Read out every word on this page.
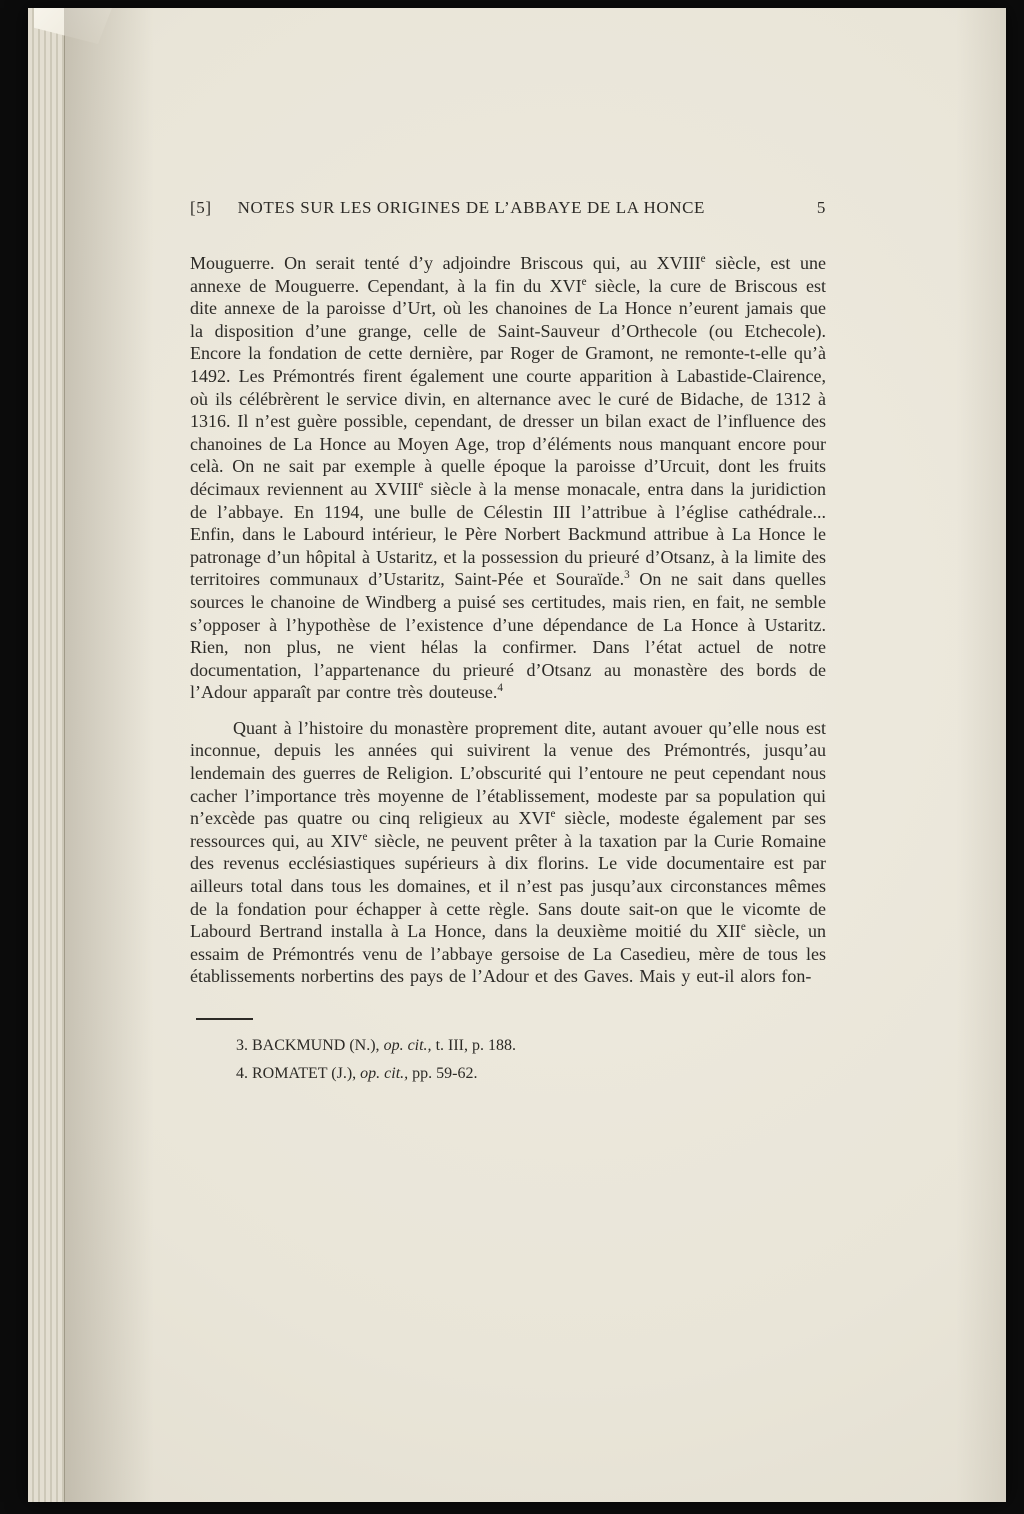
[5] NOTES SUR LES ORIGINES DE L’ABBAYE DE LA HONCE	5

Mouguerre. On serait tenté d’y adjoindre Briscous qui, au XVIIIe siècle, est une annexe de Mouguerre. Cependant, à la fin du XVIe siècle, la cure de Briscous est dite annexe de la paroisse d’Urt, où les chanoines de La Honce n’eurent jamais que la disposition d’une grange, celle de Saint-Sauveur d’Orthecole (ou Etchecole). Encore la fondation de cette dernière, par Roger de Gramont, ne remonte-t-elle qu’à 1492. Les Prémontrés firent également une courte apparition à Labastide-Clairence, où ils célébrèrent le service divin, en alternance avec le curé de Bidache, de 1312 à 1316. Il n’est guère possible, cependant, de dresser un bilan exact de l’influence des chanoines de La Honce au Moyen Age, trop d’éléments nous manquant encore pour celà. On ne sait par exemple à quelle époque la paroisse d’Urcuit, dont les fruits décimaux reviennent au XVIIIe siècle à la mense monacale, entra dans la juridiction de l’abbaye. En 1194, une bulle de Célestin III l’attribue à l’église cathédrale... Enfin, dans le Labourd intérieur, le Père Norbert Backmund attribue à La Honce le patronage d’un hôpital à Ustaritz, et la possession du prieuré d’Otsanz, à la limite des territoires communaux d’Ustaritz, Saint-Pée et Souraïde.$^3$ On ne sait dans quelles sources le chanoine de Windberg a puisé ses certitudes, mais rien, en fait, ne semble s’opposer à l’hypothèse de l’existence d’une dépendance de La Honce à Ustaritz. Rien, non plus, ne vient hélas la confirmer. Dans l’état actuel de notre documentation, l’appartenance du prieuré d’Otsanz au monastère des bords de l’Adour apparaît par contre très douteuse.$^4$

Quant à l’histoire du monastère proprement dite, autant avouer qu’elle nous est inconnue, depuis les années qui suivirent la venue des Prémontrés, jusqu’au lendemain des guerres de Religion. L’obscurité qui l’entoure ne peut cependant nous cacher l’importance très moyenne de l’établissement, modeste par sa population qui n’excède pas quatre ou cinq religieux au XVIe siècle, modeste également par ses ressources qui, au XIVe siècle, ne peuvent prêter à la taxation par la Curie Romaine des revenus ecclésiastiques supérieurs à dix florins. Le vide documentaire est par ailleurs total dans tous les domaines, et il n’est pas jusqu’aux circonstances mêmes de la fondation pour échapper à cette règle. Sans doute sait-on que le vicomte de Labourd Bertrand installa à La Honce, dans la deuxième moitié du XIIe siècle, un essaim de Prémontrés venu de l’abbaye gersoise de La Casedieu, mère de tous les établissements norbertins des pays de l’Adour et des Gaves. Mais y eut-il alors fon-

3. BACKMUND (N.), op. cit., t. III, p. 188.
4. ROMATET (J.), op. cit., pp. 59-62.
